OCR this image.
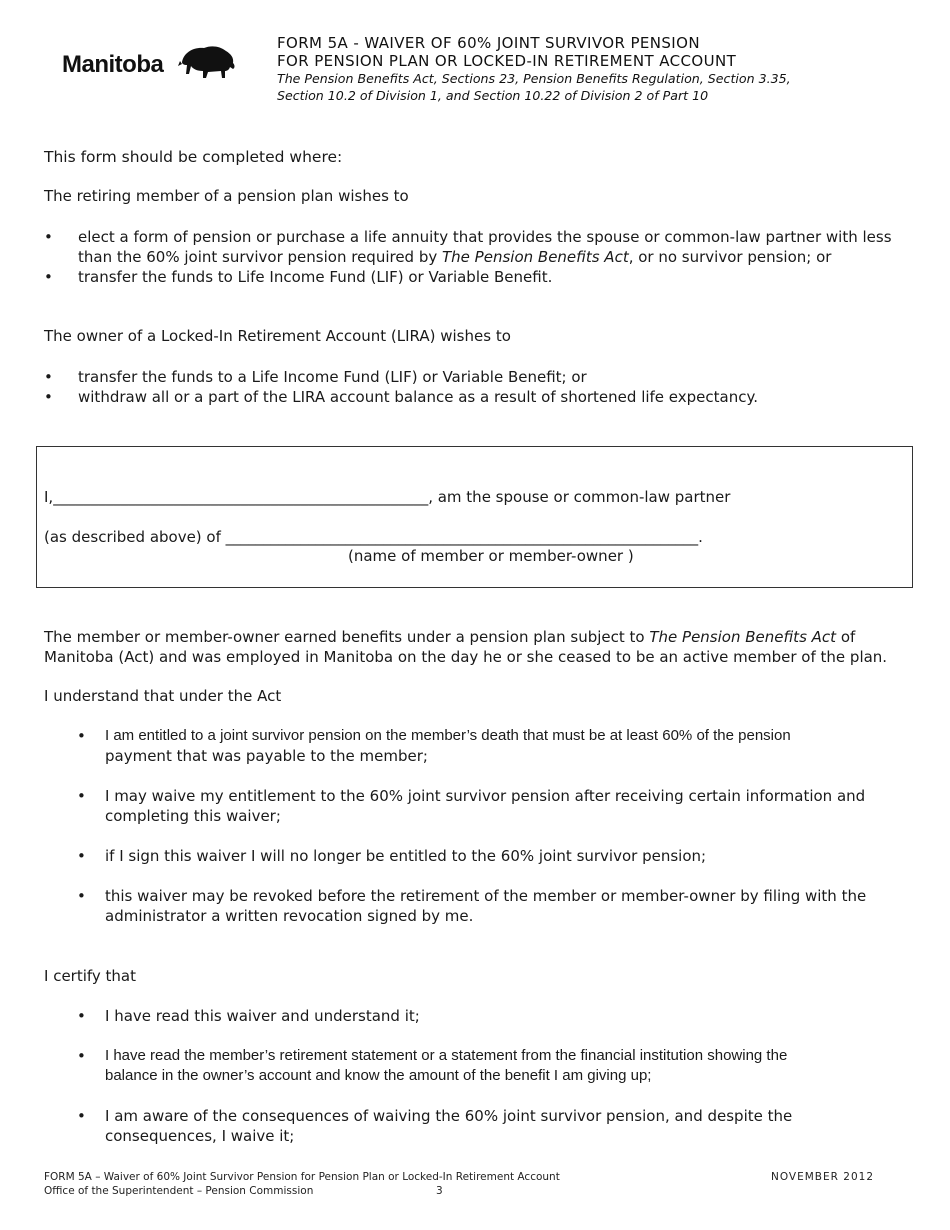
Manitoba
FORM 5A - WAIVER OF 60% JOINT SURVIVOR PENSION
FOR PENSION PLAN OR LOCKED-IN RETIREMENT ACCOUNT
The Pension Benefits Act, Sections 23, Pension Benefits Regulation, Section 3.35,
Section 10.2 of Division 1, and Section 10.22 of Division 2 of Part 10

This form should be completed where:

The retiring member of a pension plan wishes to

• elect a form of pension or purchase a life annuity that provides the spouse or common-law partner with less
than the 60% joint survivor pension required by The Pension Benefits Act, or no survivor pension; or
• transfer the funds to Life Income Fund (LIF) or Variable Benefit.

The owner of a Locked-In Retirement Account (LIRA) wishes to

• transfer the funds to a Life Income Fund (LIF) or Variable Benefit; or
• withdraw all or a part of the LIRA account balance as a result of shortened life expectancy.

I,__________________________________________________, am the spouse or common-law partner

(as described above) of _______________________________________________________________.

(name of member or member-owner )

The member or member-owner earned benefits under a pension plan subject to The Pension Benefits Act of

Manitoba (Act) and was employed in Manitoba on the day he or she ceased to be an active member of the plan.

I understand that under the Act

• I am entitled to a joint survivor pension on the member’s death that must be at least 60% of the pension
payment that was payable to the member;
• I may waive my entitlement to the 60% joint survivor pension after receiving certain information and
completing this waiver;
• if I sign this waiver I will no longer be entitled to the 60% joint survivor pension;
• this waiver may be revoked before the retirement of the member or member-owner by filing with the
administrator a written revocation signed by me.

I certify that

• I have read this waiver and understand it;
• I have read the member’s retirement statement or a statement from the financial institution showing the
balance in the owner’s account and know the amount of the benefit I am giving up;
• I am aware of the consequences of waiving the 60% joint survivor pension, and despite the
consequences, I waive it;
FORM 5A – Waiver of 60% Joint Survivor Pension for Pension Plan or Locked-In Retirement Account
Office of the Superintendent – Pension Commission	3
NOVEMBER 2012
